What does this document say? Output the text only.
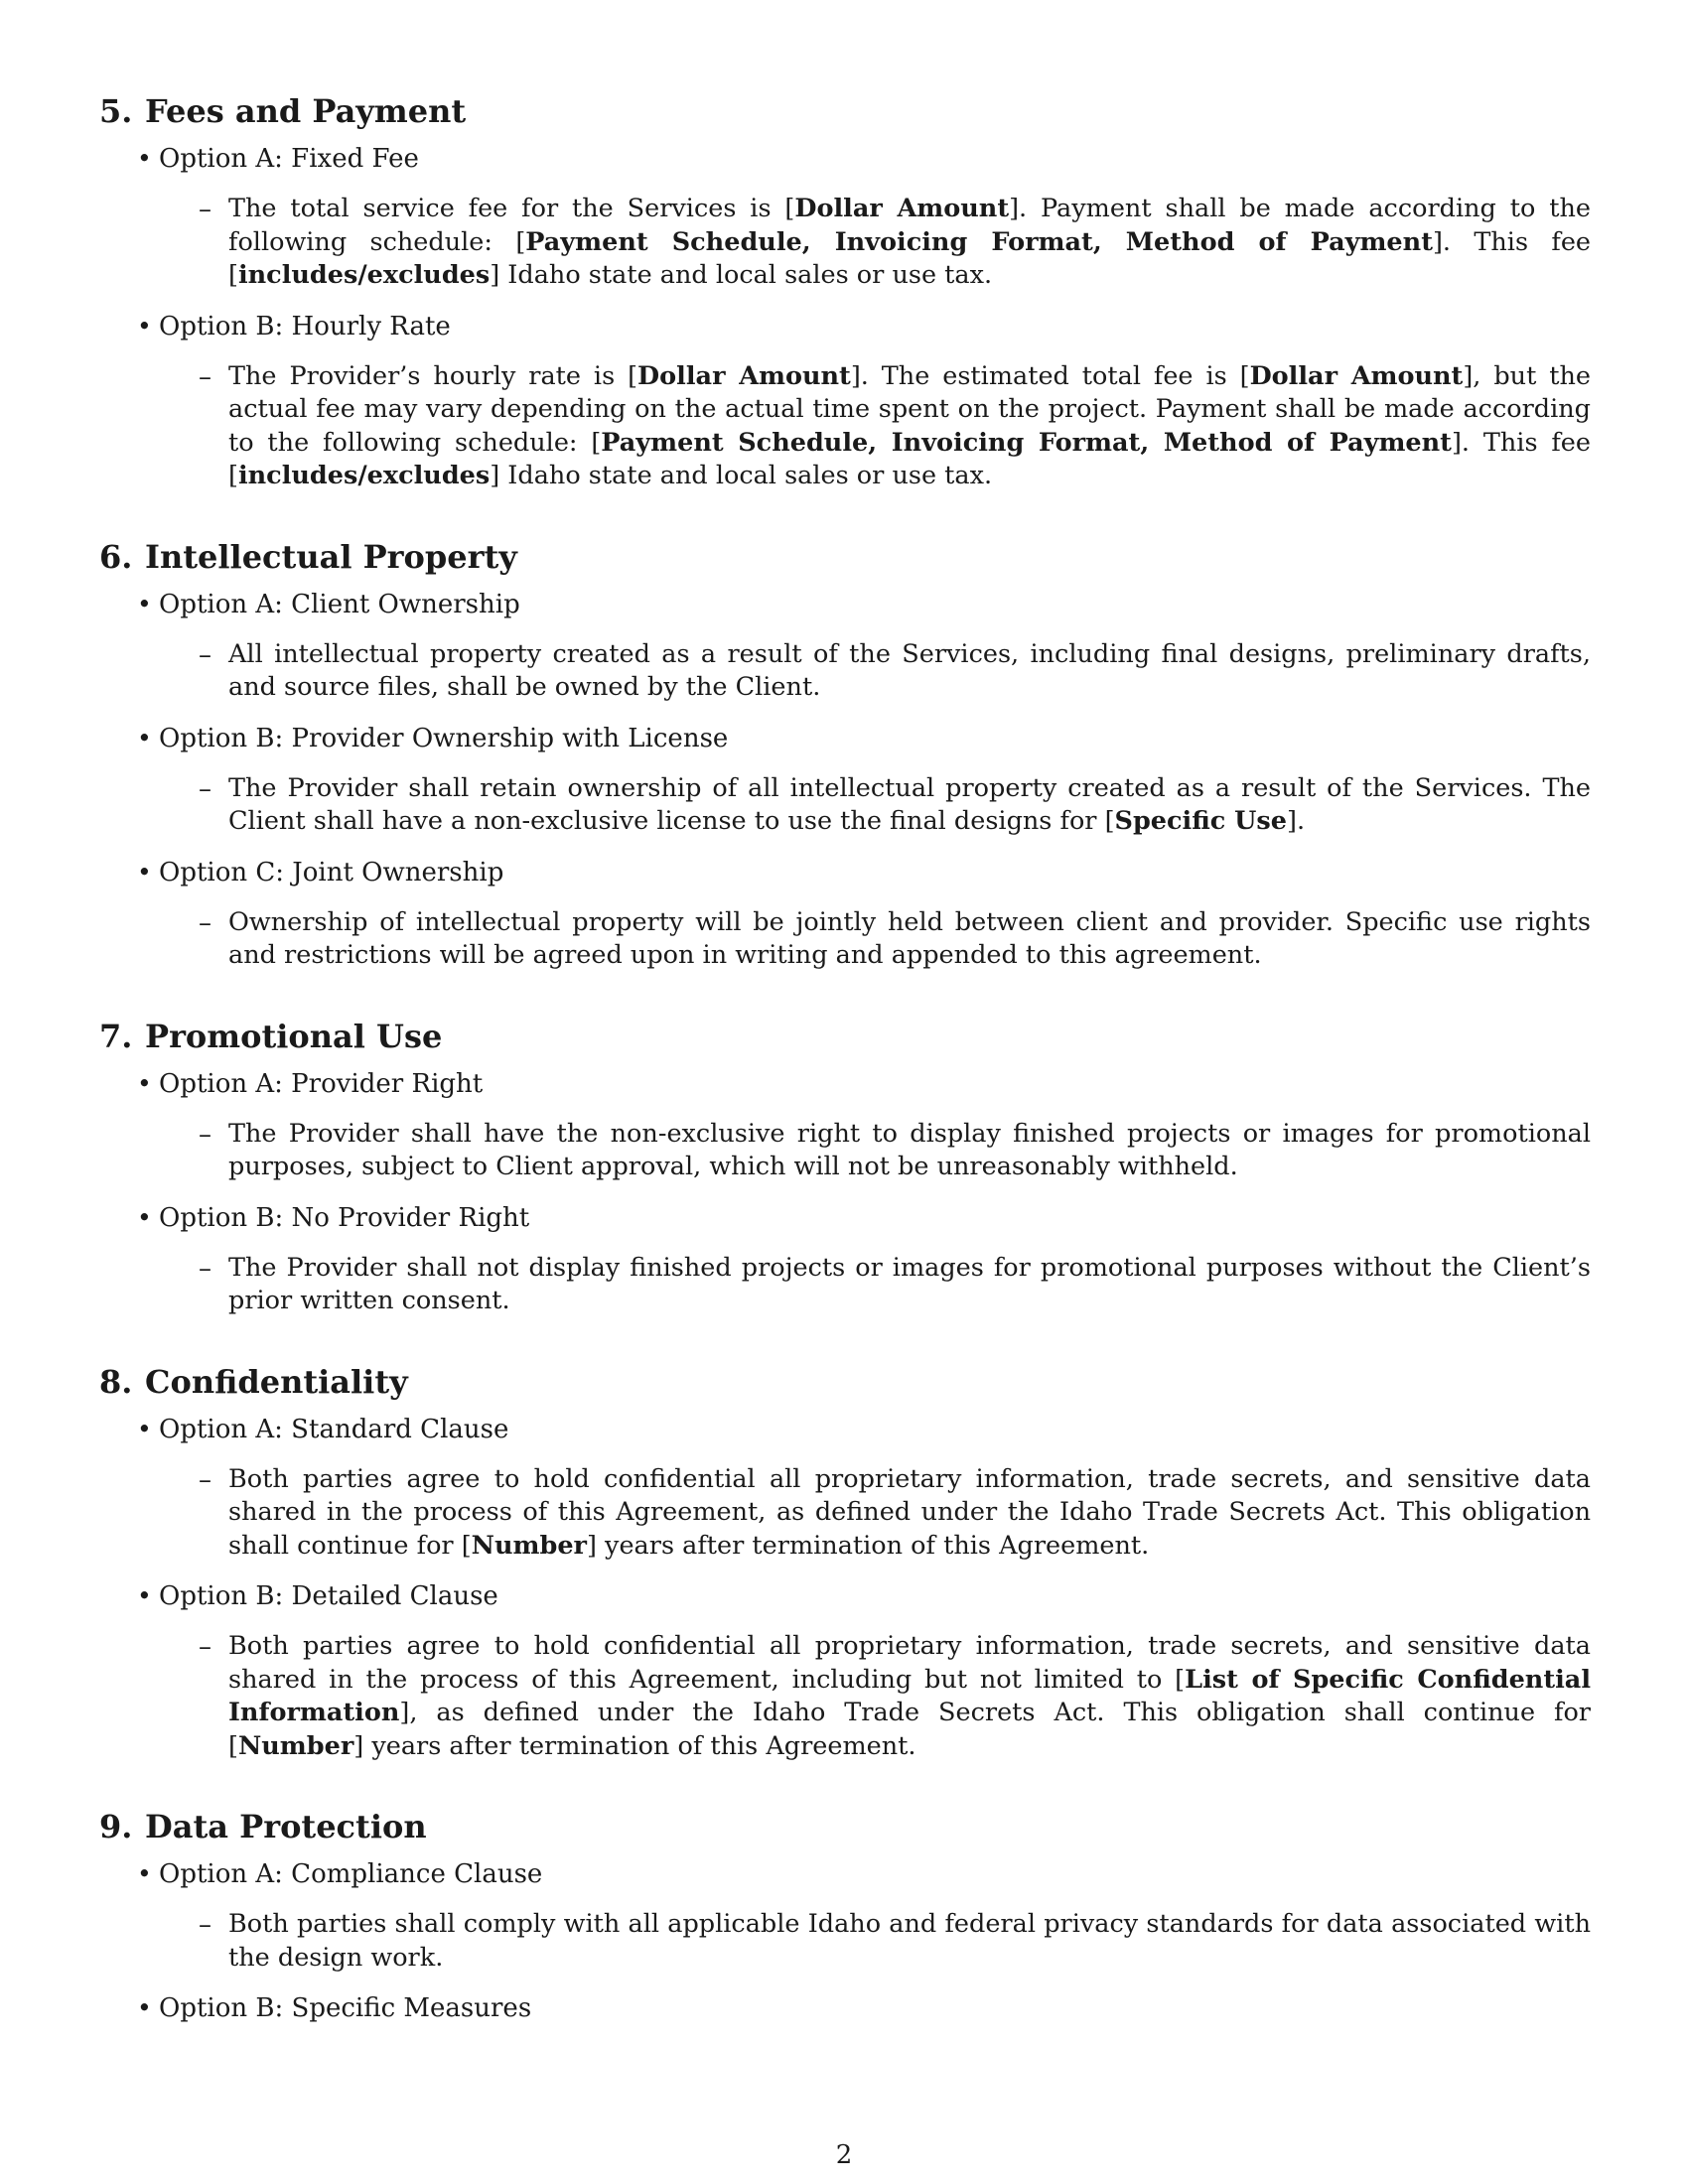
5. Fees and Payment
• Option A: Fixed Fee
– The total service fee for the Services is [Dollar Amount]. Payment shall be made according to the following schedule: [Payment Schedule, Invoicing Format, Method of Payment]. This fee [includes/excludes] Idaho state and local sales or use tax.

• Option B: Hourly Rate
– The Provider’s hourly rate is [Dollar Amount]. The estimated total fee is [Dollar Amount], but the actual fee may vary depending on the actual time spent on the project. Payment shall be made according to the following schedule: [Payment Schedule, Invoicing Format, Method of Payment]. This fee [includes/excludes] Idaho state and local sales or use tax.

6. Intellectual Property
• Option A: Client Ownership
– All intellectual property created as a result of the Services, including final designs, preliminary drafts, and source files, shall be owned by the Client.

• Option B: Provider Ownership with License
– The Provider shall retain ownership of all intellectual property created as a result of the Services. The Client shall have a non-exclusive license to use the final designs for [Specific Use].

• Option C: Joint Ownership
– Ownership of intellectual property will be jointly held between client and provider. Specific use rights and restrictions will be agreed upon in writing and appended to this agreement.

7. Promotional Use
• Option A: Provider Right
– The Provider shall have the non-exclusive right to display finished projects or images for promotional purposes, subject to Client approval, which will not be unreasonably withheld.

• Option B: No Provider Right
– The Provider shall not display finished projects or images for promotional purposes without the Client’s prior written consent.

8. Confidentiality
• Option A: Standard Clause
– Both parties agree to hold confidential all proprietary information, trade secrets, and sensitive data shared in the process of this Agreement, as defined under the Idaho Trade Secrets Act. This obligation shall continue for [Number] years after termination of this Agreement.

• Option B: Detailed Clause
– Both parties agree to hold confidential all proprietary information, trade secrets, and sensitive data shared in the process of this Agreement, including but not limited to [List of Specific Confidential Information], as defined under the Idaho Trade Secrets Act. This obligation shall continue for [Number] years after termination of this Agreement.

9. Data Protection
• Option A: Compliance Clause
– Both parties shall comply with all applicable Idaho and federal privacy standards for data associated with the design work.

• Option B: Specific Measures
2
